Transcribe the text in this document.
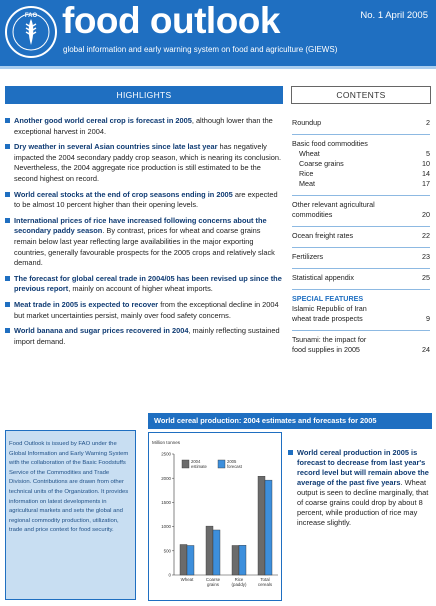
FAO food outlook	No. 1 April 2005
global information and early warning system on food and agriculture (GIEWS)
HIGHLIGHTS
Another good world cereal crop is forecast in 2005, although lower than the exceptional harvest in 2004.
Dry weather in several Asian countries since late last year has negatively impacted the 2004 secondary paddy crop season, which is nearing its conclusion. Nevertheless, the 2004 aggregate rice production is still estimated to be the second highest on record.
World cereal stocks at the end of crop seasons ending in 2005 are expected to be almost 10 percent higher than their opening levels.
International prices of rice have increased following concerns about the secondary paddy season. By contrast, prices for wheat and coarse grains remain below last year reflecting large availabilities in the major exporting countries, generally favourable prospects for the 2005 crops and relatively slack demand.
The forecast for global cereal trade in 2004/05 has been revised up since the previous report, mainly on account of higher wheat imports.
Meat trade in 2005 is expected to recover from the exceptional decline in 2004 but market uncertainties persist, mainly over food safety concerns.
World banana and sugar prices recovered in 2004, mainly reflecting sustained import demand.
CONTENTS
Roundup	2
Basic food commodities
Wheat	5
Coarse grains	10
Rice	14
Meat	17
Other relevant agricultural
commodities	20
Ocean freight rates	22
Fertilizers	23
Statistical appendix	25
SPECIAL FEATURES
Islamic Republic of Iran
wheat trade prospects	9
Tsunami: the impact for
food supplies in 2005	24
Food Outlook is issued by FAO under the Global Information and Early Warning System with the collaboration of the Basic Foodstuffs Service of the Commodities and Trade Division. Contributions are drawn from other technical units of the Organization. It provides information on latest developments in agricultural markets and sets the global and regional commodity production, utilization, trade and price context for food security.
World cereal production: 2004 estimates and forecasts for 2005
Million tonnes
0
500
1000
1500
2000
2500
Wheat	Coarse
grains
Rice
(paddy)
Total
cereals
2004
estimate
2005
forecast

World cereal production in 2005 is forecast to decrease from last year's record level but will remain above the average of the past five years. Wheat output is seen to decline marginally, that of coarse grains could drop by about 8 percent, while production of rice may increase slightly.
